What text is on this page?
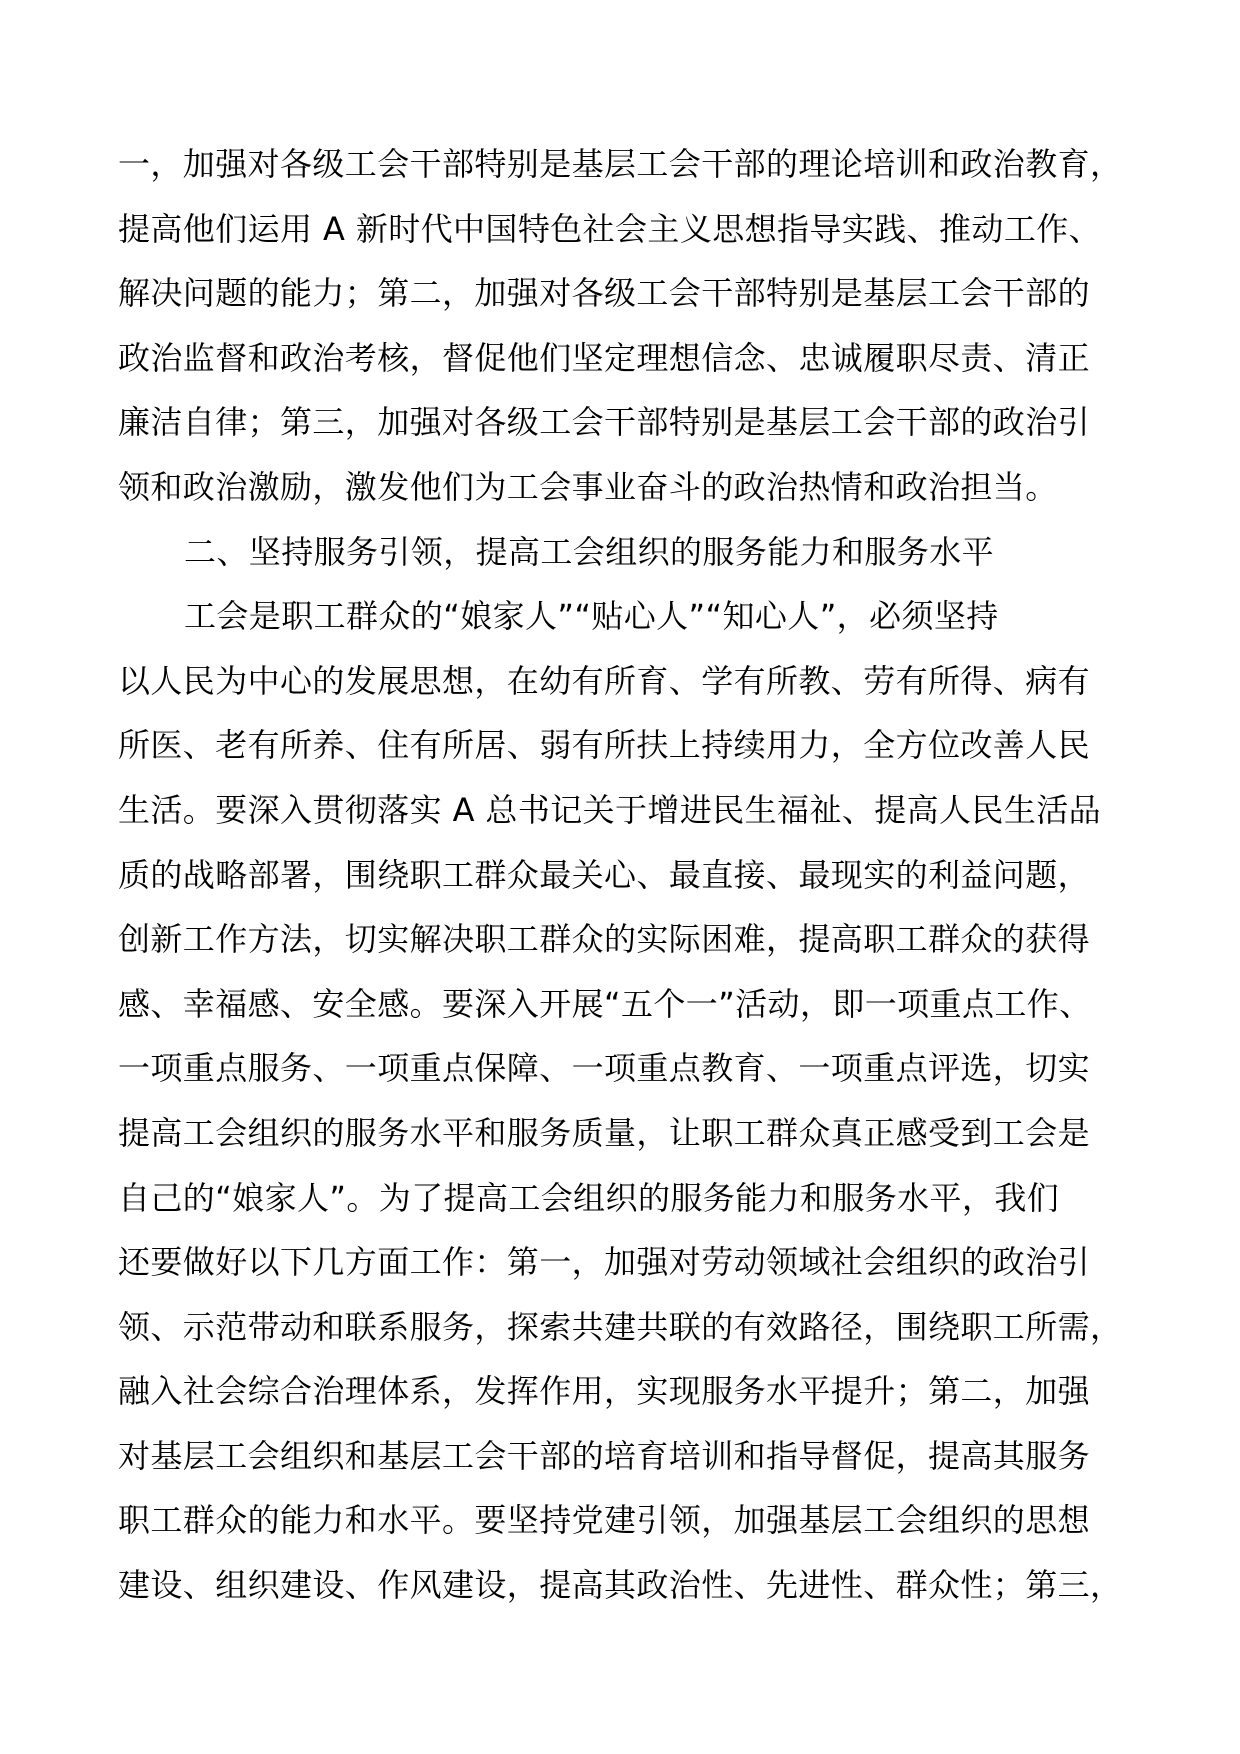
一，加强对各级工会干部特别是基层工会干部的理论培训和政治教育，
提高他们运用 A 新时代中国特色社会主义思想指导实践、推动工作、
解决问题的能力；第二，加强对各级工会干部特别是基层工会干部的
政治监督和政治考核，督促他们坚定理想信念、忠诚履职尽责、清正
廉洁自律；第三，加强对各级工会干部特别是基层工会干部的政治引
领和政治激励，激发他们为工会事业奋斗的政治热情和政治担当。
二、坚持服务引领，提高工会组织的服务能力和服务水平
工会是职工群众的“娘家人”“贴心人”“知心人”，必须坚持
以人民为中心的发展思想，在幼有所育、学有所教、劳有所得、病有
所医、老有所养、住有所居、弱有所扶上持续用力，全方位改善人民
生活。要深入贯彻落实 A 总书记关于增进民生福祉、提高人民生活品
质的战略部署，围绕职工群众最关心、最直接、最现实的利益问题，
创新工作方法，切实解决职工群众的实际困难，提高职工群众的获得
感、幸福感、安全感。要深入开展“五个一”活动，即一项重点工作、
一项重点服务、一项重点保障、一项重点教育、一项重点评选，切实
提高工会组织的服务水平和服务质量，让职工群众真正感受到工会是
自己的“娘家人”。为了提高工会组织的服务能力和服务水平，我们
还要做好以下几方面工作：第一，加强对劳动领域社会组织的政治引
领、示范带动和联系服务，探索共建共联的有效路径，围绕职工所需，
融入社会综合治理体系，发挥作用，实现服务水平提升；第二，加强
对基层工会组织和基层工会干部的培育培训和指导督促，提高其服务
职工群众的能力和水平。要坚持党建引领，加强基层工会组织的思想
建设、组织建设、作风建设，提高其政治性、先进性、群众性；第三，
